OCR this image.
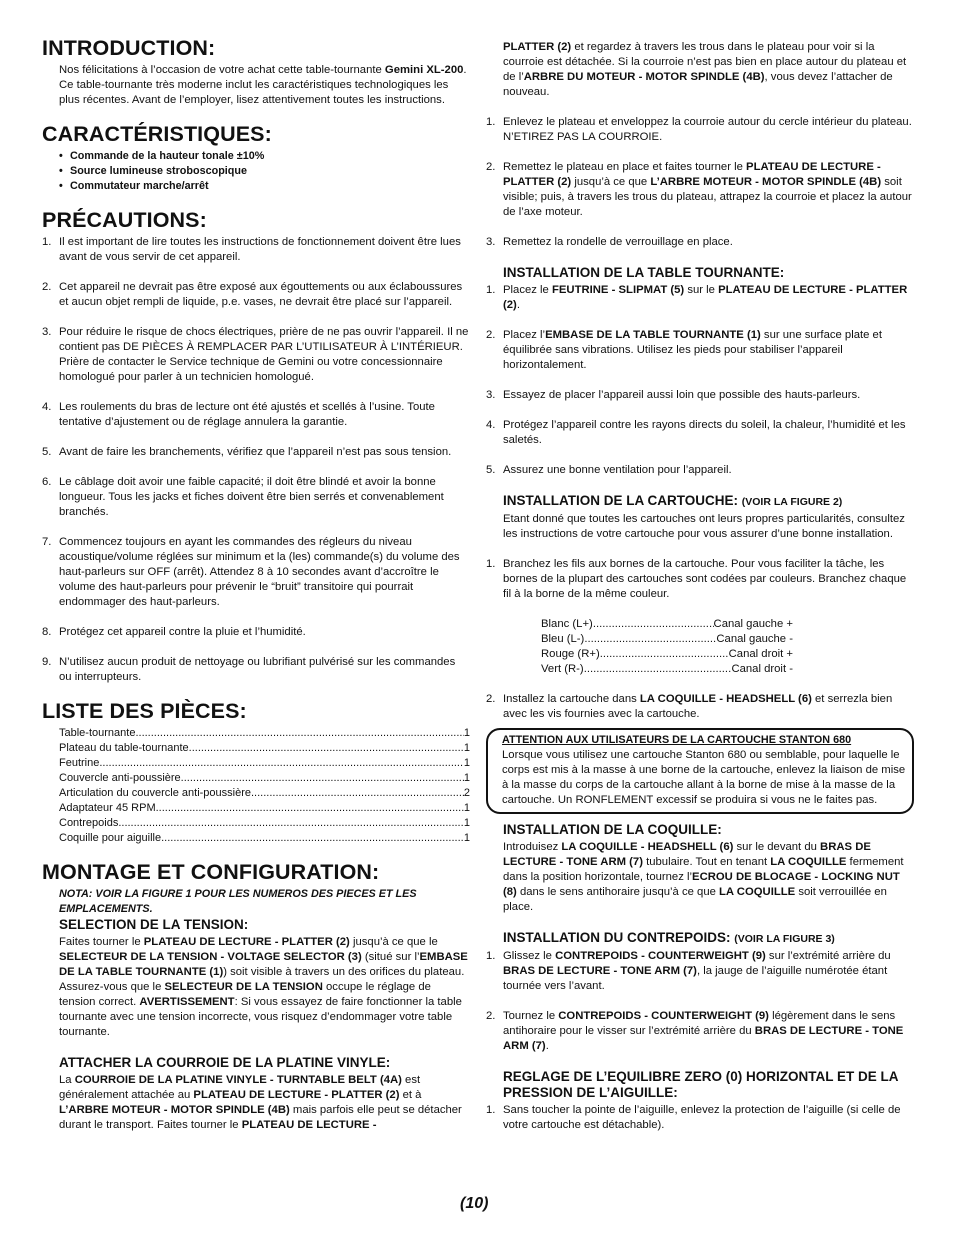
INTRODUCTION:

Nos félicitations à l’occasion de votre achat cette table-tournante Gemini XL-200. Ce table-tournante très moderne inclut les caractéristiques technologiques les plus récentes. Avant de l’employer, lisez attentivement toutes les instructions.

CARACTÉRISTIQUES:
• Commande de la hauteur tonale ±10%
• Source lumineuse stroboscopique
• Commutateur marche/arrêt
PRÉCAUTIONS:
1. Il est important de lire toutes les instructions de fonctionnement doivent être lues avant de vous servir de cet appareil.
2. Cet appareil ne devrait pas être exposé aux égouttements ou aux éclaboussures et aucun objet rempli de liquide, p.e. vases, ne devrait être placé sur l’appareil.
3. Pour réduire le risque de chocs électriques, prière de ne pas ouvrir l’appareil. Il ne contient pas DE PIÈCES À REMPLACER PAR L’UTILISATEUR À L’INTÉRIEUR. Prière de contacter le Service technique de Gemini ou votre concessionnaire homologué pour parler à un technicien homologué.
4. Les roulements du bras de lecture ont été ajustés et scellés à l’usine. Toute tentative d’ajustement ou de réglage annulera la garantie.
5. Avant de faire les branchements, vérifiez que l’appareil n’est pas sous tension.
6. Le câblage doit avoir une faible capacité; il doit être blindé et avoir la bonne longueur. Tous les jacks et fiches doivent être bien serrés et convenablement branchés.
7. Commencez toujours en ayant les commandes des régleurs du niveau acoustique/volume réglées sur minimum et la (les) commande(s) du volume des haut-parleurs sur OFF (arrêt). Attendez 8 à 10 secondes avant d’accroître le volume des haut-parleurs pour prévenir le “bruit” transitoire qui pourrait endommager des haut-parleurs.
8. Protégez cet appareil contre la pluie et l’humidité.
9. N’utilisez aucun produit de nettoyage ou lubrifiant pulvérisé sur les commandes ou interrupteurs.
LISTE DES PIÈCES:
Table-tournante .....	1
Plateau du table-tournante .....	1
Feutrine .....	1
Couvercle anti-poussière .....	1
Articulation du couvercle anti-poussière .....	2
Adaptateur 45 RPM .....	1
Contrepoids .....	1
Coquille pour aiguille .....	1
MONTAGE ET CONFIGURATION:

NOTA: VOIR LA FIGURE 1 POUR LES NUMEROS DES PIECES ET LES EMPLACEMENTS.

SELECTION DE LA TENSION:

Faites tourner le PLATEAU DE LECTURE - PLATTER (2) jusqu’à ce que le SELECTEUR DE LA TENSION - VOLTAGE SELECTOR (3) (situé sur l’EMBASE DE LA TABLE TOURNANTE (1)) soit visible à travers un des orifices du plateau. Assurez-vous que le SELECTEUR DE LA TENSION occupe le réglage de tension correct. AVERTISSEMENT: Si vous essayez de faire fonctionner la table tournante avec une tension incorrecte, vous risquez d’endommager votre table tournante.

ATTACHER LA COURROIE DE LA PLATINE VINYLE:

La COURROIE DE LA PLATINE VINYLE - TURNTABLE BELT (4A) est généralement attachée au PLATEAU DE LECTURE - PLATTER (2) et à L’ARBRE MOTEUR - MOTOR SPINDLE (4B) mais parfois elle peut se détacher durant le transport. Faites tourner le PLATEAU DE LECTURE -

PLATTER (2) et regardez à travers les trous dans le plateau pour voir si la courroie est détachée. Si la courroie n’est pas bien en place autour du plateau et de l’ARBRE DU MOTEUR - MOTOR SPINDLE (4B), vous devez l’attacher de nouveau.

1. Enlevez le plateau et enveloppez la courroie autour du cercle intérieur du plateau. N’ETIREZ PAS LA COURROIE.
2. Remettez le plateau en place et faites tourner le PLATEAU DE LECTURE - PLATTER (2) jusqu’à ce que L’ARBRE MOTEUR - MOTOR SPINDLE (4B) soit visible; puis, à travers les trous du plateau, attrapez la courroie et placez la autour de l’axe moteur.
3. Remettez la rondelle de verrouillage en place.
INSTALLATION DE LA TABLE TOURNANTE:
1. Placez le FEUTRINE - SLIPMAT (5) sur le PLATEAU DE LECTURE - PLATTER (2).
2. Placez l’EMBASE DE LA TABLE TOURNANTE (1) sur une surface plate et équilibrée sans vibrations. Utilisez les pieds pour stabiliser l’appareil horizontalement.
3. Essayez de placer l’appareil aussi loin que possible des hauts-parleurs.
4. Protégez l’appareil contre les rayons directs du soleil, la chaleur, l’humidité et les saletés.
5. Assurez une bonne ventilation pour l’appareil.
INSTALLATION DE LA CARTOUCHE: (VOIR LA FIGURE 2)

Etant donné que toutes les cartouches ont leurs propres particularités, consultez les instructions de votre cartouche pour vous assurer d’une bonne installation.

1. Branchez les fils aux bornes de la cartouche. Pour vous faciliter la tâche, les bornes de la plupart des cartouches sont codées par couleurs. Branchez chaque fil à la borne de la même couleur.
Blanc (L+) .....	Canal gauche +
Bleu (L-) .....	Canal gauche -
Rouge (R+) .....	Canal droit +
Vert (R-) .....	Canal droit -
2. Installez la cartouche dans LA COQUILLE - HEADSHELL (6) et serrezla bien avec les vis fournies avec la cartouche.

ATTENTION AUX UTILISATEURS DE LA CARTOUCHE STANTON 680

Lorsque vous utilisez une cartouche Stanton 680 ou semblable, pour laquelle le corps est mis à la masse à une borne de la cartouche, enlevez la liaison de mise à la masse du corps de la cartouche allant à la borne de mise à la masse de la cartouche. Un RONFLEMENT excessif se produira si vous ne le faites pas.

INSTALLATION DE LA COQUILLE:

Introduisez LA COQUILLE - HEADSHELL (6) sur le devant du BRAS DE LECTURE - TONE ARM (7) tubulaire. Tout en tenant LA COQUILLE fermement dans la position horizontale, tournez l’ECROU DE BLOCAGE - LOCKING NUT (8) dans le sens antihoraire jusqu’à ce que LA COQUILLE soit verrouillée en place.

INSTALLATION DU CONTREPOIDS: (VOIR LA FIGURE 3)
1. Glissez le CONTREPOIDS - COUNTERWEIGHT (9) sur l’extrémité arrière du BRAS DE LECTURE - TONE ARM (7), la jauge de l’aiguille numérotée étant tournée vers l’avant.
2. Tournez le CONTREPOIDS - COUNTERWEIGHT (9) légèrement dans le sens antihoraire pour le visser sur l’extrémité arrière du BRAS DE LECTURE - TONE ARM (7).
REGLAGE DE L’EQUILIBRE ZERO (0) HORIZONTAL ET DE LA PRESSION DE L’AIGUILLE:
1. Sans toucher la pointe de l’aiguille, enlevez la protection de l’aiguille (si celle de votre cartouche est détachable).
(10)
